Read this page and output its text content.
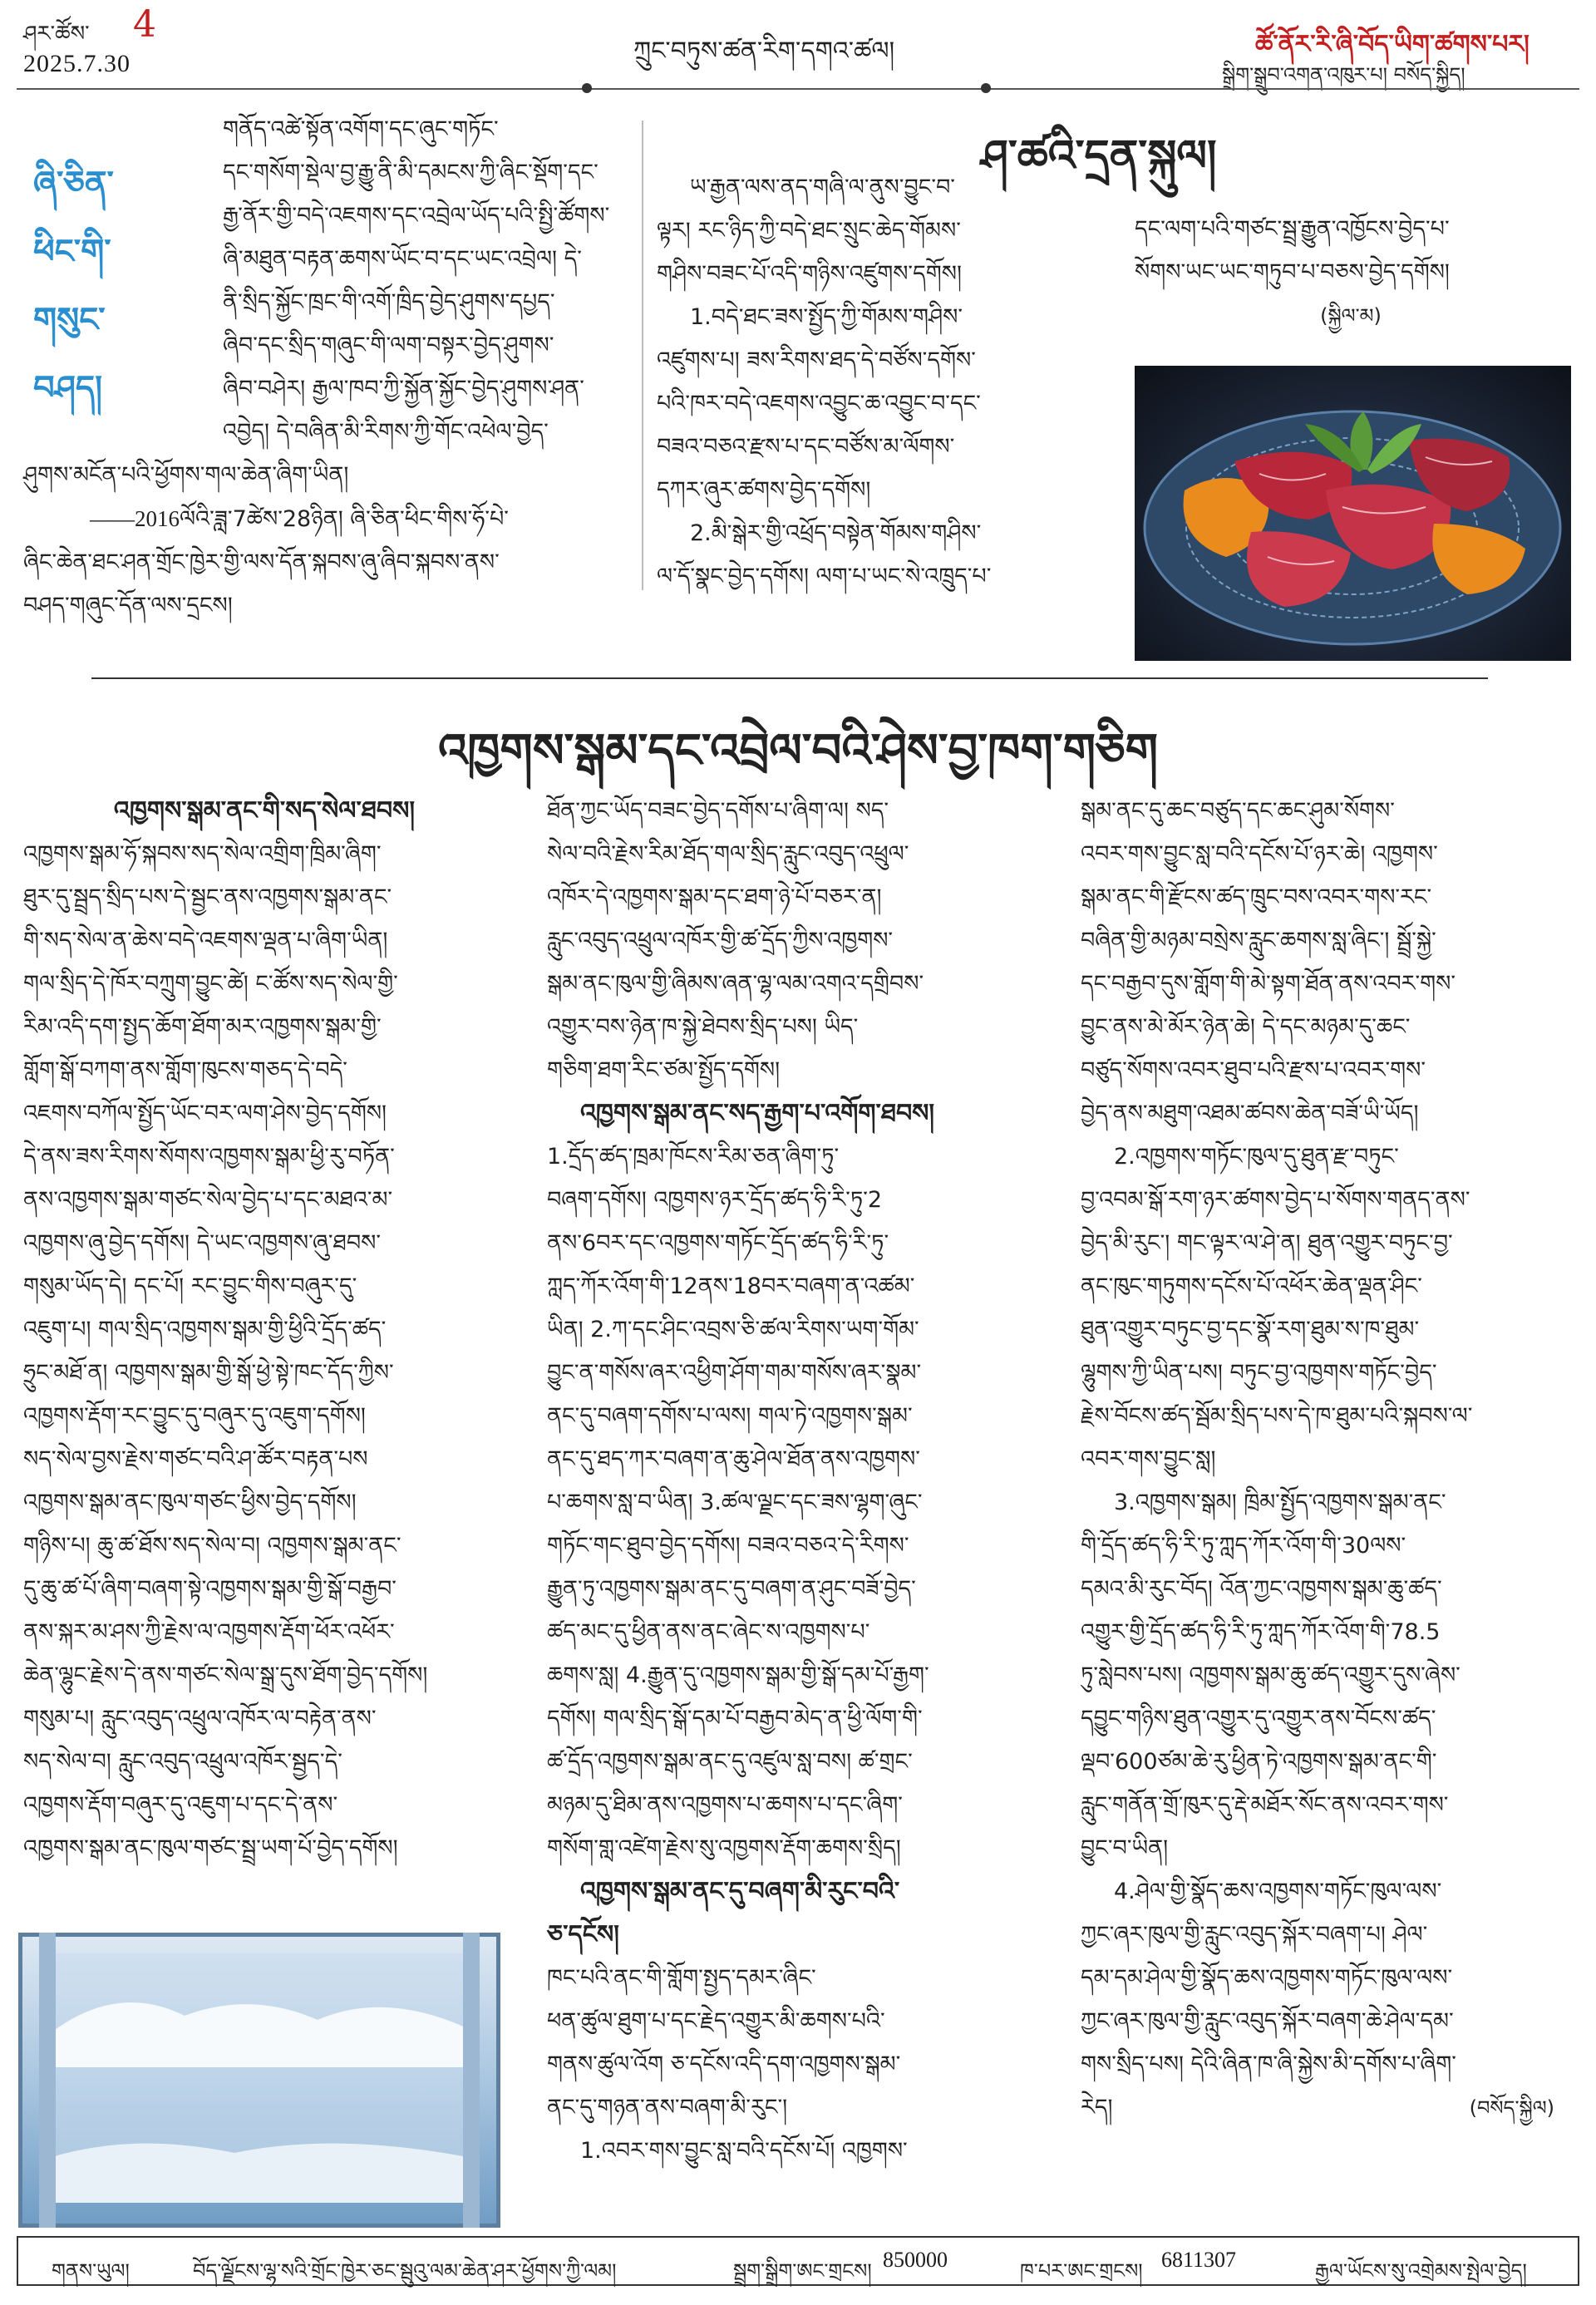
ཤར་ཚོས་ 4
2025.7.30	ཀྲུང་བཏུས་ཚན་རིག་དགའ་ཚལ།	ཚོ་ནོར་རི་ཞི་བོད་ཡིག་ཚགས་པར།
སྒྲིག་སྒྲུབ་འགན་འཁུར་པ། བསོད་སྐྱིད།
ཞི་ཅིན་
ཕིང་གི་
གསུང་
བཤད།
གནོད་འཚེ་སྟོན་འགོག་དང་ཞུང་གཏོང་
དང་གསོག་སྡེལ་བྱ་རྒྱུ་ནི་མི་དམངས་ཀྱི་ཞིང་སྡོག་དང་
རྒྱ་ནོར་གྱི་བདེ་འཇགས་དང་འབྲེལ་ཡོད་པའི་སྤྱི་ཚོགས་
ཞི་མཐུན་བརྟན་ཆགས་ཡོང་བ་དང་ཡང་འབྲེལ། དེ་
ནི་སྲིད་སྐྱོང་ཁྲང་གི་འགོ་ཁྲིད་བྱེད་ཤུགས་དཔྱད་
ཞིབ་དང་སྲིད་གཞུང་གི་ལག་བསྟར་བྱེད་ཤུགས་
ཞིབ་བཤེར། རྒྱལ་ཁབ་ཀྱི་སྐྱོན་སྐྱོང་བྱེད་ཤུགས་ཤན་
འབྱེད། དེ་བཞིན་མི་རིགས་ཀྱི་གོང་འཕེལ་བྱེད་
ཤུགས་མངོན་པའི་ཕྱོགས་གལ་ཆེན་ཞིག་ཡིན།
——2016ལོའི་ཟླ་7ཚེས་28ཉིན། ཞི་ཅིན་ཕིང་གིས་ཧོ་པེ་
ཞིང་ཆེན་ཐང་ཤན་གྲོང་ཁྱེར་གྱི་ལས་དོན་སྐབས་ཞུ་ཞིབ་སྐབས་ནས་
བཤད་གཞུང་དོན་ལས་དྲངས།
ཤ་ཚའི་དྲན་སྐུལ།
ཡ་རྒྱན་ལས་ནད་གཞི་ལ་ནུས་བྱུང་བ་
ལྟར། རང་ཉིད་ཀྱི་བདེ་ཐང་སྲུང་ཆེད་གོམས་
གཤིས་བཟང་པོ་འདི་གཉིས་འཛུགས་དགོས།
1.བདེ་ཐང་ཟས་སྤྱོད་ཀྱི་གོམས་གཤིས་
འཛུགས་པ། ཟས་རིགས་ཐད་དེ་བཙོས་དགོས་
པའི་ཁར་བདེ་འཇགས་འབྱུང་ཆ་འབྱུང་བ་དང་
བཟའ་བཅའ་རྫས་པ་དང་བཙོས་མ་ལོགས་
དཀར་ཞུར་ཚགས་བྱེད་དགོས།
2.མི་སྒེར་གྱི་འཕྲོད་བསྟེན་གོམས་གཤིས་
ལ་དོ་སྣང་བྱེད་དགོས། ལག་པ་ཡང་སེ་འཁྲུད་པ་
དང་ལག་པའི་གཙང་སྦྲ་རྒྱུན་འཁྱོངས་བྱེད་པ་
སོགས་ཡང་ཡང་གཏུབ་པ་བཅས་བྱེད་དགོས།
(སྐྱིལ་མ)
འཁྱགས་སྒམ་དང་འབྲེལ་བའི་ཤེས་བྱ་ཁག་གཅིག
འཁྱགས་སྒམ་ནང་གི་སད་སེལ་ཐབས།
འཁྱགས་སྒམ་ཧོ་སྐབས་སད་སེལ་འགྲིག་ཁྲིམ་ཞིག་
ཐུར་དུ་སྦྲད་སྲིད་པས་དེ་སྦྱང་ནས་འཁྱགས་སྒམ་ནང་
གི་སད་སེལ་ན་ཆེས་བདེ་འཇགས་ལྡན་པ་ཞིག་ཡིན།
གལ་སྲིད་དེ་ཁོར་བཀྲུག་བྱུང་ཚེ། ང་ཚོས་སད་སེལ་གྱི་
རིམ་འདི་དག་སྤྱད་ཆོག་ཐོག་མར་འཁྱགས་སྒམ་གྱི་
གློག་སྒོ་བཀག་ནས་གློག་ཁུངས་གཅད་དེ་བདེ་
འཇགས་བཀོལ་སྤྱོད་ཡོང་བར་ལག་ཤེས་བྱེད་དགོས།
དེ་ནས་ཟས་རིགས་སོགས་འཁྱགས་སྒམ་ཕྱི་རུ་བཏོན་
ནས་འཁྱགས་སྒམ་གཙང་སེལ་བྱེད་པ་དང་མཐའ་མ་
འཁྱགས་ཞུ་བྱེད་དགོས། དེ་ཡང་འཁྱགས་ཞུ་ཐབས་
གསུམ་ཡོད་དེ། དང་པོ། རང་བྱུང་གིས་བཞུར་དུ་
འཇུག་པ། གལ་སྲིད་འཁྱགས་སྒམ་གྱི་ཕྱིའི་དྲོད་ཚད་
ཧྲུང་མཐོ་ན། འཁྱགས་སྒམ་གྱི་སྒོ་ཕྱེ་སྟེ་ཁང་དོད་ཀྱིས་
འཁྱགས་རྡོག་རང་བྱུང་དུ་བཞུར་དུ་འཇུག་དགོས།
སད་སེལ་བྱས་རྗེས་གཙང་བའི་ཤ་ཚོར་བརྟན་པས
འཁྱགས་སྒམ་ནང་ཁུལ་གཙང་ཕྱིས་བྱེད་དགོས།
གཉིས་པ། ཆུ་ཚ་ཐོས་སད་སེལ་བ། འཁྱགས་སྒམ་ནང་
དུ་ཆུ་ཚ་པོ་ཞིག་བཞག་སྟེ་འཁྱགས་སྒམ་གྱི་སྒོ་བརྒྱབ་
ནས་སྐར་མ་ཤས་ཀྱི་རྗེས་ལ་འཁྱགས་རྡོག་ཕོར་འཕོར་
ཆེན་ལྷུང་རྗེས་དེ་ནས་གཙང་སེལ་སྒྲ་དུས་ཐོག་བྱེད་དགོས།
གསུམ་པ། རླུང་འབུད་འཕྲུལ་འཁོར་ལ་བརྟེན་ནས་
སད་སེལ་བ། རླུང་འབུད་འཕྲུལ་འཁོར་སྦྱད་དེ་
འཁྱགས་རྡོག་བཞུར་དུ་འཇུག་པ་དང་དེ་ནས་
འཁྱགས་སྒམ་ནང་ཁུལ་གཙང་སྦྲ་ཡག་པོ་བྱེད་དགོས།
ཐོན་ཀྱང་ཡོད་བཟང་བྱེད་དགོས་པ་ཞིག་ལ། སད་
སེལ་བའི་རྗེས་རིམ་ཐོད་གལ་སྲིད་རླུང་འབུད་འཕྲུལ་
འཁོར་དེ་འཁྱགས་སྒམ་དང་ཐག་ཉེ་པོ་བཅར་ན།
རླུང་འབུད་འཕྲུལ་འཁོར་གྱི་ཚ་དྲོད་ཀྱིས་འཁྱགས་
སྒམ་ནང་ཁུལ་གྱི་ཞིམས་ཞན་ལྷ་ལམ་འགའ་དགྲིབས་
འགྱུར་བས་ཉེན་ཁ་སྐྱེ་ཐེབས་སྲིད་པས། ཡིད་
གཅིག་ཐག་རིང་ཙམ་སྤྱོད་དགོས།
འཁྱགས་སྒམ་ནང་སད་རྒྱག་པ་འགོག་ཐབས།
1.དྲོད་ཚད་ཁྲམ་ཁོངས་རིམ་ཅན་ཞིག་ཏུ་
བཞག་དགོས། འཁྱགས་ཉར་དྲོད་ཚད་ཧི་རི་ཏུ་2
ནས་6བར་དང་འཁྱགས་གཏོང་དྲོད་ཚད་ཧི་རི་ཏུ་
ཀླད་ཀོར་འོག་གི་12ནས་18བར་བཞག་ན་འཚམ་
ཡིན། 2.ཀ་དང་ཤིང་འབྲས་ཅི་ཚལ་རིགས་ཡག་གོམ་
བྱུང་ན་གསོས་ཞར་འཕྱིག་ཤོག་གམ་གསོས་ཞར་སྣམ་
ནང་དུ་བཞག་དགོས་པ་ལས། གལ་ཏེ་འཁྱགས་སྒམ་
ནང་དུ་ཐད་ཀར་བཞག་ན་ཆུ་ཤེལ་ཐོན་ནས་འཁྱགས་
པ་ཆགས་སླ་བ་ཡིན། 3.ཚལ་ལྗང་དང་ཟས་ལྷག་ཞུང་
གཏོང་གང་ཐུབ་བྱེད་དགོས། བཟའ་བཅའ་དེ་རིགས་
རྒྱུན་ཏུ་འཁྱགས་སྒམ་ནང་དུ་བཞག་ན་ཤུང་བཟོ་བྱེད་
ཚད་མང་དུ་ཕྱིན་ནས་ནང་ཞེང་ས་འཁྱགས་པ་
ཆགས་སླ། 4.རྒྱུན་དུ་འཁྱགས་སྒམ་གྱི་སྒོ་དམ་པོ་རྒྱག་
དགོས། གལ་སྲིད་སྒོ་དམ་པོ་བརྒྱབ་མེད་ན་ཕྱི་ལོག་གི་
ཚ་དྲོད་འཁྱགས་སྒམ་ནང་དུ་འཛུལ་སླ་བས། ཚ་གྲང་
མཉམ་དུ་ཐིམ་ནས་འཁྱགས་པ་ཆགས་པ་དང་ཞིག་
གསོག་གླ་འཛེག་རྗེས་སུ་འཁྱགས་རྡོག་ཆགས་སྲིད།
འཁྱགས་སྒམ་ནང་དུ་བཞག་མི་རུང་བའི་
ཅ་དངོས།
ཁང་པའི་ནང་གི་གློག་སྤྱད་དམར་ཞིང་
ཕན་ཚུལ་ཐུག་པ་དང་རྗེད་འགྱུར་མི་ཆགས་པའི་
གནས་ཚུལ་འོག ཅ་དངོས་འདི་དག་འཁྱགས་སྒམ་
ནང་དུ་གཉན་ནས་བཞག་མི་རུང་།
1.འབར་གས་བྱུང་སླ་བའི་དངོས་པོ། འཁྱགས་
སྒམ་ནང་དུ་ཆང་བཙུད་དང་ཆང་ཤུམ་སོགས་
འབར་གས་བྱུང་སླ་བའི་དངོས་པོ་ཉར་ཆེ། འཁྱགས་
སྒམ་ནང་གི་རྫོངས་ཚད་ཁྲུང་བས་འབར་གས་རང་
བཞིན་གྱི་མཉམ་བསྲེས་རླུང་ཆགས་སླ་ཞིང་། སྦྲོ་སྐྱེ་
དང་བརྒྱབ་དུས་གློག་གི་མེ་སྟག་ཐོན་ནས་འབར་གས་
བྱུང་ནས་མེ་མོར་ཉེན་ཆེ། དེ་དང་མཉམ་དུ་ཆང་
བཙུད་སོགས་འབར་ཐུབ་པའི་རྫས་པ་འབར་གས་
བྱེད་ནས་མཐུག་འཐམ་ཚབས་ཆེན་བཟོ་ཡི་ཡོད།
2.འཁྱགས་གཏོང་ཁུལ་དུ་ཐུན་རྫ་བཏུང་
བྱ་འབམ་སྒོ་རག་ཉར་ཚགས་བྱེད་པ་སོགས་གནད་ནས་
བྱེད་མི་རུང་། གང་ལྟར་ལ་ཤེ་ན། ཐུན་འགྱུར་བཏུང་བྱ་
ནང་ཁུང་གཏུགས་དངོས་པོ་འཕོར་ཆེན་ལྡན་ཤིང་
ཐུན་འགྱུར་བཏུང་བྱ་དང་སྣོ་རག་ཐུམ་ས་ཁ་ཐུམ་
ལྷུགས་ཀྱི་ཡིན་པས། བཏུང་བྱ་འཁྱགས་གཏོང་བྱེད་
རྗེས་བོངས་ཚད་སྦོམ་སྲིད་པས་དེ་ཁ་ཐུམ་པའི་སྐབས་ལ་
འབར་གས་བྱུང་སླ།
3.འཁྱགས་སྒམ། ཁྲིམ་སྤྱོད་འཁྱགས་སྒམ་ནང་
གི་དྲོད་ཚད་ཧི་རི་ཏུ་ཀླད་ཀོར་འོག་གི་30ལས་
དམའ་མི་རུང་བོད། འོན་ཀྱང་འཁྱགས་སྒམ་ཆུ་ཚད་
འགྱུར་གྱི་དྲོད་ཚད་ཧི་རི་ཏུ་ཀླད་ཀོར་འོག་གི་78.5
ཏུ་སླེབས་པས། འཁྱགས་སྒམ་ཆུ་ཚད་འགྱུར་དུས་ཞེས་
དབྱུང་གཉིས་ཐུན་འགྱུར་དུ་འགྱུར་ནས་བོངས་ཚད་
ལྡབ་600ཙམ་ཆེ་རུ་ཕྱིན་ཏེ་འཁྱགས་སྒམ་ནང་གི་
རླུང་གནོན་གྲོ་ཁུར་དུ་རྡེ་མཐོར་སོང་ནས་འབར་གས་
བྱུང་བ་ཡིན།
4.ཤེལ་གྱི་སྣོད་ཆས་འཁྱགས་གཏོང་ཁུལ་ལས་
ཀྱང་ཞར་ཁུལ་གྱི་རླུང་འབུད་སྐོར་བཞག་པ། ཤེལ་
དམ་དམ་ཤེལ་གྱི་སྣོད་ཆས་འཁྱགས་གཏོང་ཁུལ་ལས་
ཀྱང་ཞར་ཁུལ་གྱི་རླུང་འབུད་སྐོར་བཞག་ཆེ་ཤེལ་དམ་
གས་སྲིད་པས། དེའི་ཞིན་ཁ་ཞི་སྐྱེས་མི་དགོས་པ་ཞིག་
རེད།	(བསོད་སྐྱིལ)
གནས་ཡུལ།	བོད་ལྗོངས་ལྷ་སའི་གྲོང་ཁྱེར་ཅང་སྦུའུ་ལམ་ཆེན་ཤར་ཕྱོགས་ཀྱི་ལམ།	སྦྲག་སྒྲིག་ཨང་གྲངས། 850000	ཁ་པར་ཨང་གྲངས། 6811307	རྒྱལ་ཡོངས་སུ་འགྲེམས་སྤེལ་བྱེད།
